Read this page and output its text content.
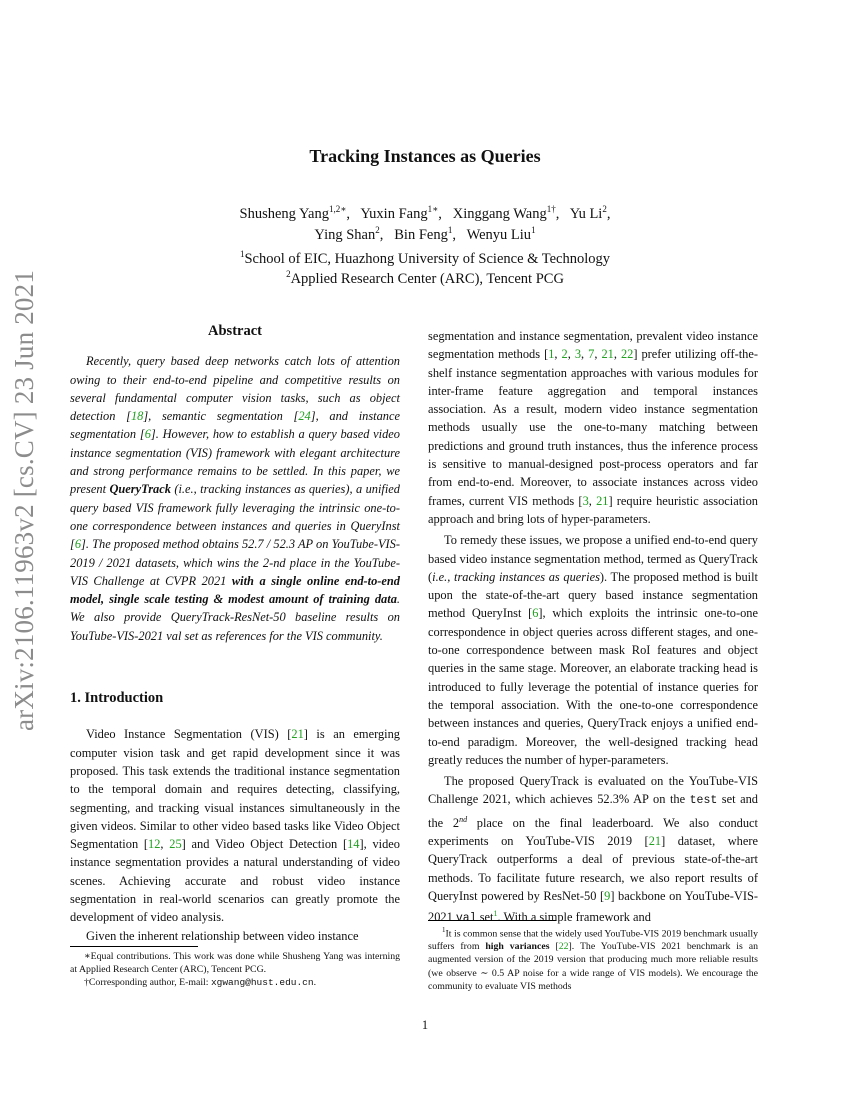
arXiv:2106.11963v2 [cs.CV] 23 Jun 2021
Tracking Instances as Queries
Shusheng Yang$^{1,2∗}$,   Yuxin Fang$^{1∗}$,   Xinggang Wang$^{1\dagger}$,   Yu Li$^2$,
Ying Shan$^2$,   Bin Feng$^1$,   Wenyu Liu$^1$
$^1$School of EIC, Huazhong University of Science & Technology
$^2$Applied Research Center (ARC), Tencent PCG
Abstract

Recently, query based deep networks catch lots of attention owing to their end-to-end pipeline and competitive results on several fundamental computer vision tasks, such as object detection [18], semantic segmentation [24], and instance segmentation [6]. However, how to establish a query based video instance segmentation (VIS) framework with elegant architecture and strong performance remains to be settled. In this paper, we present QueryTrack (i.e., tracking instances as queries), a unified query based VIS framework fully leveraging the intrinsic one-to-one correspondence between instances and queries in QueryInst [6]. The proposed method obtains 52.7 / 52.3 AP on YouTube-VIS-2019 / 2021 datasets, which wins the 2-nd place in the YouTube-VIS Challenge at CVPR 2021 with a single online end-to-end model, single scale testing & modest amount of training data. We also provide QueryTrack-ResNet-50 baseline results on YouTube-VIS-2021 val set as references for the VIS community.

1. Introduction

Video Instance Segmentation (VIS) [21] is an emerging computer vision task and get rapid development since it was proposed. This task extends the traditional instance segmentation to the temporal domain and requires detecting, classifying, segmenting, and tracking visual instances simultaneously in the given videos. Similar to other video based tasks like Video Object Segmentation [12, 25] and Video Object Detection [14], video instance segmentation provides a natural understanding of video scenes. Achieving accurate and robust video instance segmentation in real-world scenarios can greatly promote the development of video analysis.

Given the inherent relationship between video instance

segmentation and instance segmentation, prevalent video instance segmentation methods [1, 2, 3, 7, 21, 22] prefer utilizing off-the-shelf instance segmentation approaches with various modules for inter-frame feature aggregation and temporal instances association. As a result, modern video instance segmentation methods usually use the one-to-many matching between predictions and ground truth instances, thus the inference process is sensitive to manual-designed post-process operators and far from end-to-end. Moreover, to associate instances across video frames, current VIS methods [3, 21] require heuristic association approach and bring lots of hyper-parameters.

To remedy these issues, we propose a unified end-to-end query based video instance segmentation method, termed as QueryTrack (i.e., tracking instances as queries). The proposed method is built upon the state-of-the-art query based instance segmentation method QueryInst [6], which exploits the intrinsic one-to-one correspondence in object queries across different stages, and one-to-one correspondence between mask RoI features and object queries in the same stage. Moreover, an elaborate tracking head is introduced to fully leverage the potential of instance queries for the temporal association. With the one-to-one correspondence between instances and queries, QueryTrack enjoys a unified end-to-end paradigm. Moreover, the well-designed tracking head greatly reduces the number of hyper-parameters.

The proposed QueryTrack is evaluated on the YouTube-VIS Challenge 2021, which achieves 52.3% AP on the test set and the 2nd place on the final leaderboard. We also conduct experiments on YouTube-VIS 2019 [21] dataset, where QueryTrack outperforms a deal of previous state-of-the-art methods. To facilitate future research, we also report results of QueryInst powered by ResNet-50 [9] backbone on YouTube-VIS-2021 val set$^1$. With a simple framework and

∗Equal contributions. This work was done while Shusheng Yang was interning at Applied Research Center (ARC), Tencent PCG.

†Corresponding author, E-mail: xgwang@hust.edu.cn.

$^1$It is common sense that the widely used YouTube-VIS 2019 benchmark usually suffers from high variances [22]. The YouTube-VIS 2021 benchmark is an augmented version of the 2019 version that producing much more reliable results (we observe ∼ 0.5 AP noise for a wide range of VIS models). We encourage the community to evaluate VIS methods

1
